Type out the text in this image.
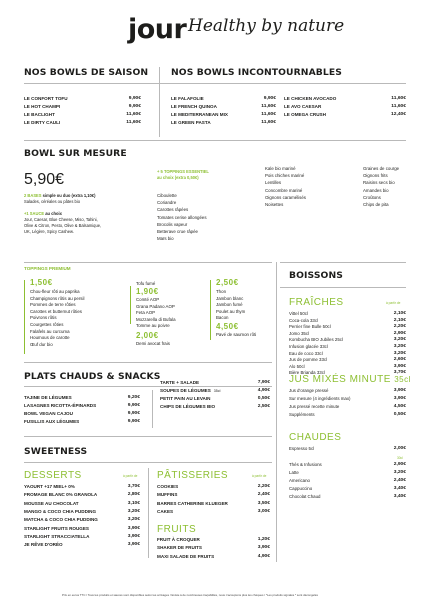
jour Healthy by nature
NOS BOWLS DE SAISON NOS BOWLS INCONTOURNABLES
BOWL SUR MESURE
5,90€
2 BASES simple ou duo (extra 1,10€)
Salades, céréales ou pâtes bio
+1 SAUCE au choix
Jour, Caesar, Blue Cheese, Miso, Tahini,
Olive & Citron, Pesto, Olive & Balsamique,
UK, Légère, Spicy Cashew.
+ 5 TOPPINGS ESSENTIEL
au choix (extra 0,50€)
TOPPINGS PREMIUM
BOISSONS
FRAÎCHES	à partir de
JUS MIXÉS MINUTE 35cl
CHAUDES
30cl
PLATS CHAUDS & SNACKS
SWEETNESS
DESSERTS	à partir de PÂTISSERIES	à partir de
FRUITS
Prix en euros TTC / Tous les produits et sauces sont disponibles selon les arrivages / Existe à de nombreuses traçabilités, nous n'acceptons plus les chèques / *Les produits signalés * sont décongelés
LE CONFORT TOFU	9,90€
LE HOT CHAMPI	9,90€
LE BACLIGHT	11,60€
LE DIRTY CAULI	11,60€
LE FALAFOLIE	9,90€
LE FRENCH QUINOA	11,60€
LE MEDITERRANEAN MIX	11,60€
LE GREEN PASTA	11,60€
LE CHICKEN AVOCADO	11,60€
LE AVO CAESAR	11,60€
LE OMEGA CRUSH	12,40€
Ciboulette
Coriandre
Carottes râpées
Tomates cerise allongées
Brocolis vapeur
Betterave crue râpée
Maïs bio
Kale bio mariné
Pois chiches mariné
Lentilles
Concombre mariné
Oignons caramélisés
Noisettes
Graines de courge
Oignons frits
Raisins secs bio
Amandes bio
Croûtons
Chips de pita
1,50€
Chou-fleur rôti au paprika
Champignons rôtis au persil
Pommes de terre rôties
Carottes et butternut rôties
Poivrons rôtis
Courgettes rôties
Falafels au curcuma
Houmous de carotte
Œuf dur bio
Tofu fumé
1,90€
Comté AOP
Grana Padano AOP
Feta AOP
Mozzarella di Bufala
Tomme au poivre
2,00€
Demi avocat frais
2,50€
Thon
Jambon blanc
Jambon fumé
Poulet au thym
Bacon
4,50€
Pavé de saumon rôti
Vittel 50cl	2,10€
Coca-cola 33cl	2,10€
Perrier fine Bulle 50cl	2,20€
Jomo 35cl	2,90€
Kombucha BIO Jubiles 25cl	3,20€
Infusion glacée 33cl	3,20€
Eau de coco 33cl	3,20€
Jus de pomme 33cl	2,60€
Alo 50cl	3,90€
Bière Brianda 33cl	3,70€
Jus d'orange pressé	3,90€
Sur mesure (4 ingrédients max)	3,90€
Jus pressé recette minute	4,50€
Suppléments	0,50€
Espresso 5cl	2,00€
Thés & Infusions	2,90€
Latte	3,20€
Americano	2,40€
Cappuccino	3,40€
Chocolat Chaud	3,40€
TAJINE DE LÉGUMES	9,20€
LASAGNES RICOTTA-ÉPINARDS	9,90€
BOWL VEGAN CAJOU	9,90€
FUSILLIS AUX LÉGUMES	9,90€
TARTE + SALADE	7,90€
SOUPES DE LÉGUMES 35cl	4,90€
PETIT PAIN AU LEVAIN	0,50€
CHIPS DE LÉGUMES BIO	2,50€
YAOURT +17 MIEL+ 0%	3,70€
FROMAGE BLANC 0% GRANOLA	2,80€
MOUSSE AU CHOCOLAT	3,10€
MANGO & COCO CHIA PUDDING	3,20€
MATCHA & COCO CHIA PUDDING	3,20€
STARLIGHT FRUITS ROUGES	3,90€
STARLIGHT STRACCIATELLA	3,90€
JE RÊVE D'ORÉO	3,90€
COOKIES	2,20€
MUFFINS	2,40€
BARRES CATHERINE KLUEGER	3,50€
CAKES	3,00€
FRUIT À CROQUER	1,20€
SHAKER DE FRUITS	3,90€
MAXI SALADE DE FRUITS	4,90€
